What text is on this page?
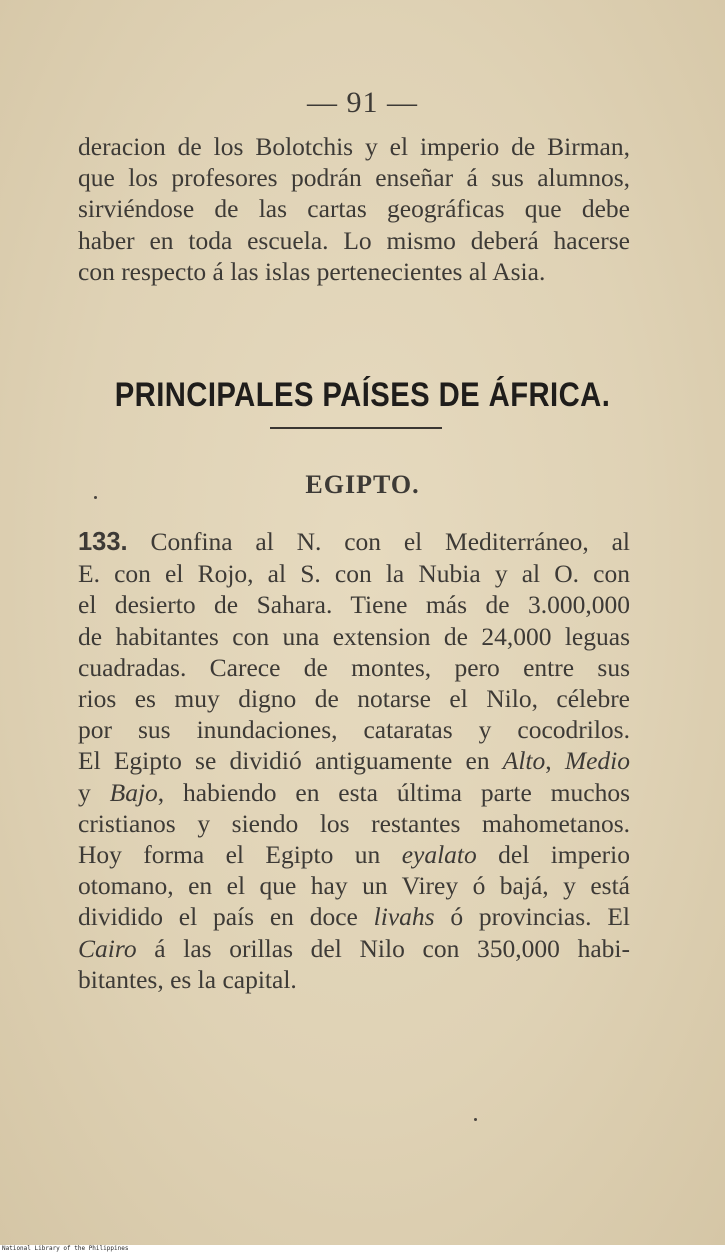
— 91 —

deracion de los Bolotchis y el imperio de Birman,
que los profesores podrán enseñar á sus alumnos,
sirviéndose de las cartas geográficas que debe
haber en toda escuela. Lo mismo deberá hacerse
con respecto á las islas pertenecientes al Asia.

PRINCIPALES PAÍSES DE ÁFRICA.
EGIPTO.

133. Confina al N. con el Mediterráneo, al
E. con el Rojo, al S. con la Nubia y al O. con
el desierto de Sahara. Tiene más de 3.000,000
de habitantes con una extension de 24,000 leguas
cuadradas. Carece de montes, pero entre sus
rios es muy digno de notarse el Nilo, célebre
por sus inundaciones, cataratas y cocodrilos.
El Egipto se dividió antiguamente en Alto, Medio
y Bajo, habiendo en esta última parte muchos
cristianos y siendo los restantes mahometanos.
Hoy forma el Egipto un eyalato del imperio
otomano, en el que hay un Virey ó bajá, y está
dividido el país en doce livahs ó provincias. El
Cairo á las orillas del Nilo con 350,000 habi-
bitantes, es la capital.

National Library of the Philippines
